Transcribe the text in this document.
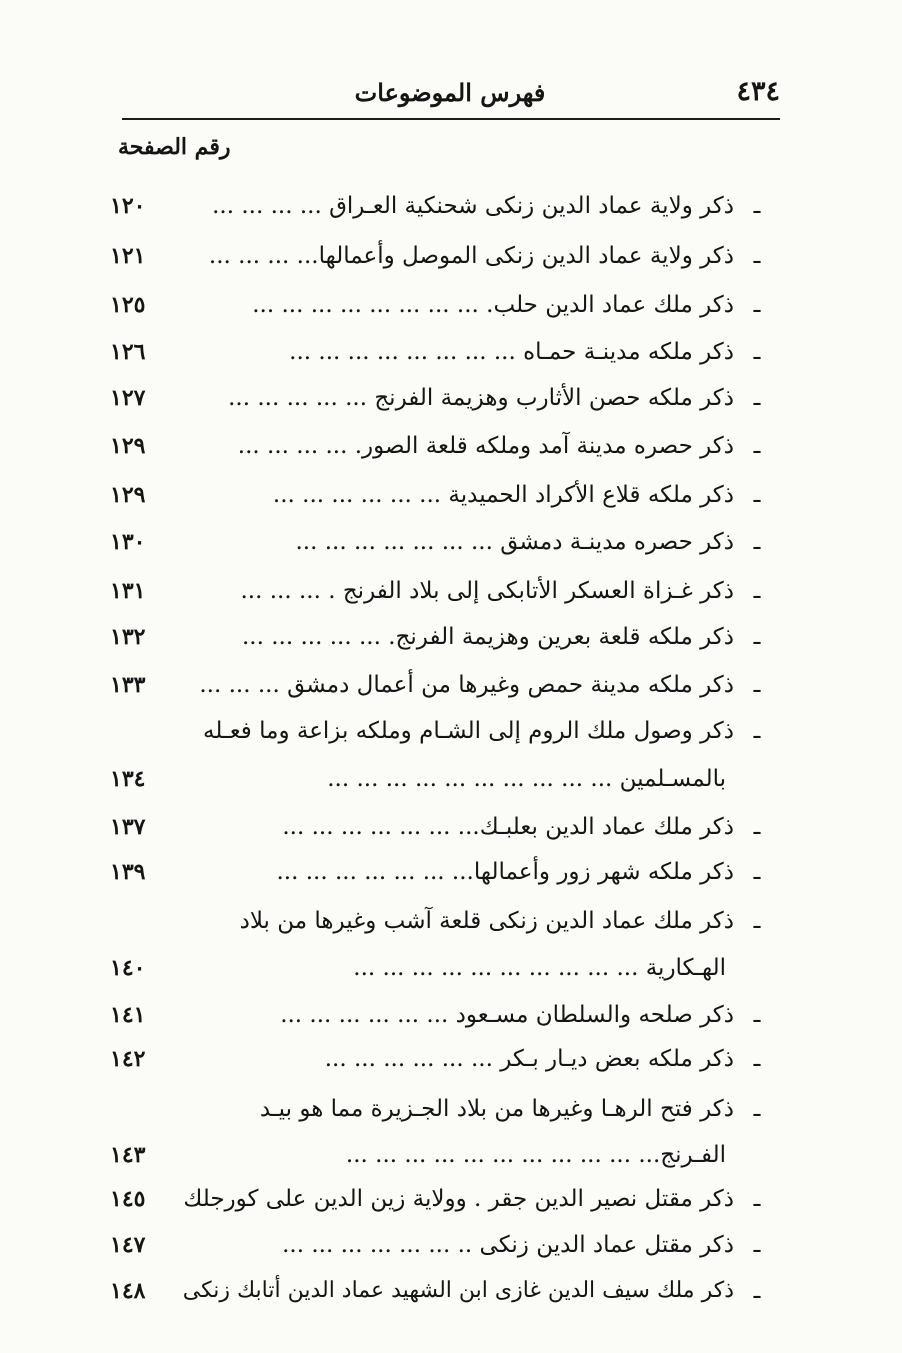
٤٣٤
فهرس الموضوعات
رقم الصفحة
ـ
ذكر ولاية عماد الدين زنكى شحنكية العـراق ... ... ... ...
١٢٠
ـ
ذكر ولاية عماد الدين زنكى الموصل وأعمالها... ... ... ...
١٢١
ـ
ذكر ملك عماد الدين حلب. ... ... ... ... ... ... ... ...
١٢٥
ـ
ذكر ملكه مدينـة حمـاه ... ... ... ... ... ... ... ...
١٢٦
ـ
ذكر ملكه حصن الأثارب وهزيمة الفرنج ... ... ... ... ...
١٢٧
ـ
ذكر حصره مدينة آمد وملكه قلعة الصور. ... ... ... ...
١٢٩
ـ
ذكر ملكه قلاع الأكراد الحميدية ... ... ... ... ... ...
١٢٩
ـ
ذكر حصره مدينـة دمشق ... ... ... ... ... ... ...
١٣٠
ـ
ذكر غـزاة العسكر الأتابكى إلى بلاد الفرنج . ... ... ...
١٣١
ـ
ذكر ملكه قلعة بعرين وهزيمة الفرنج. ... ... ... ... ...
١٣٢
ـ
ذكر ملكه مدينة حمص وغيرها من أعمال دمشق ... ... ...
١٣٣
ـ
ذكر وصول ملك الروم إلى الشـام وملكه بزاعة وما فعـله
بالمسـلمين ... ... ... ... ... ... ... ... ... ...
١٣٤
ـ
ذكر ملك عماد الدين بعلبـك... ... ... ... ... ... ...
١٣٧
ـ
ذكر ملكه شهر زور وأعمالها... ... ... ... ... ... ...
١٣٩
ـ
ذكر ملك عماد الدين زنكى قلعة آشب وغيرها من بلاد
الهـكارية ... ... ... ... ... ... ... ... ... ...
١٤٠
ـ
ذكر صلحه والسلطان مسـعود ... ... ... ... ... ...
١٤١
ـ
ذكر ملكه بعض ديـار بـكر ... ... ... ... ... ...
١٤٢
ـ
ذكر فتح الرهـا وغيرها من بلاد الجـزيرة مما هو بيـد
الفـرنج... ... ... ... ... ... ... ... ... ... ...
١٤٣
ـ
ذكر مقتل نصير الدين جقر . وولاية زين الدين على كورجلك
١٤٥
ـ
ذكر مقتل عماد الدين زنكى .. ... ... ... ... ... ...
١٤٧
ـ
ذكر ملك سيف الدين غازى ابن الشهيد عماد الدين أتابك زنكى
١٤٨
